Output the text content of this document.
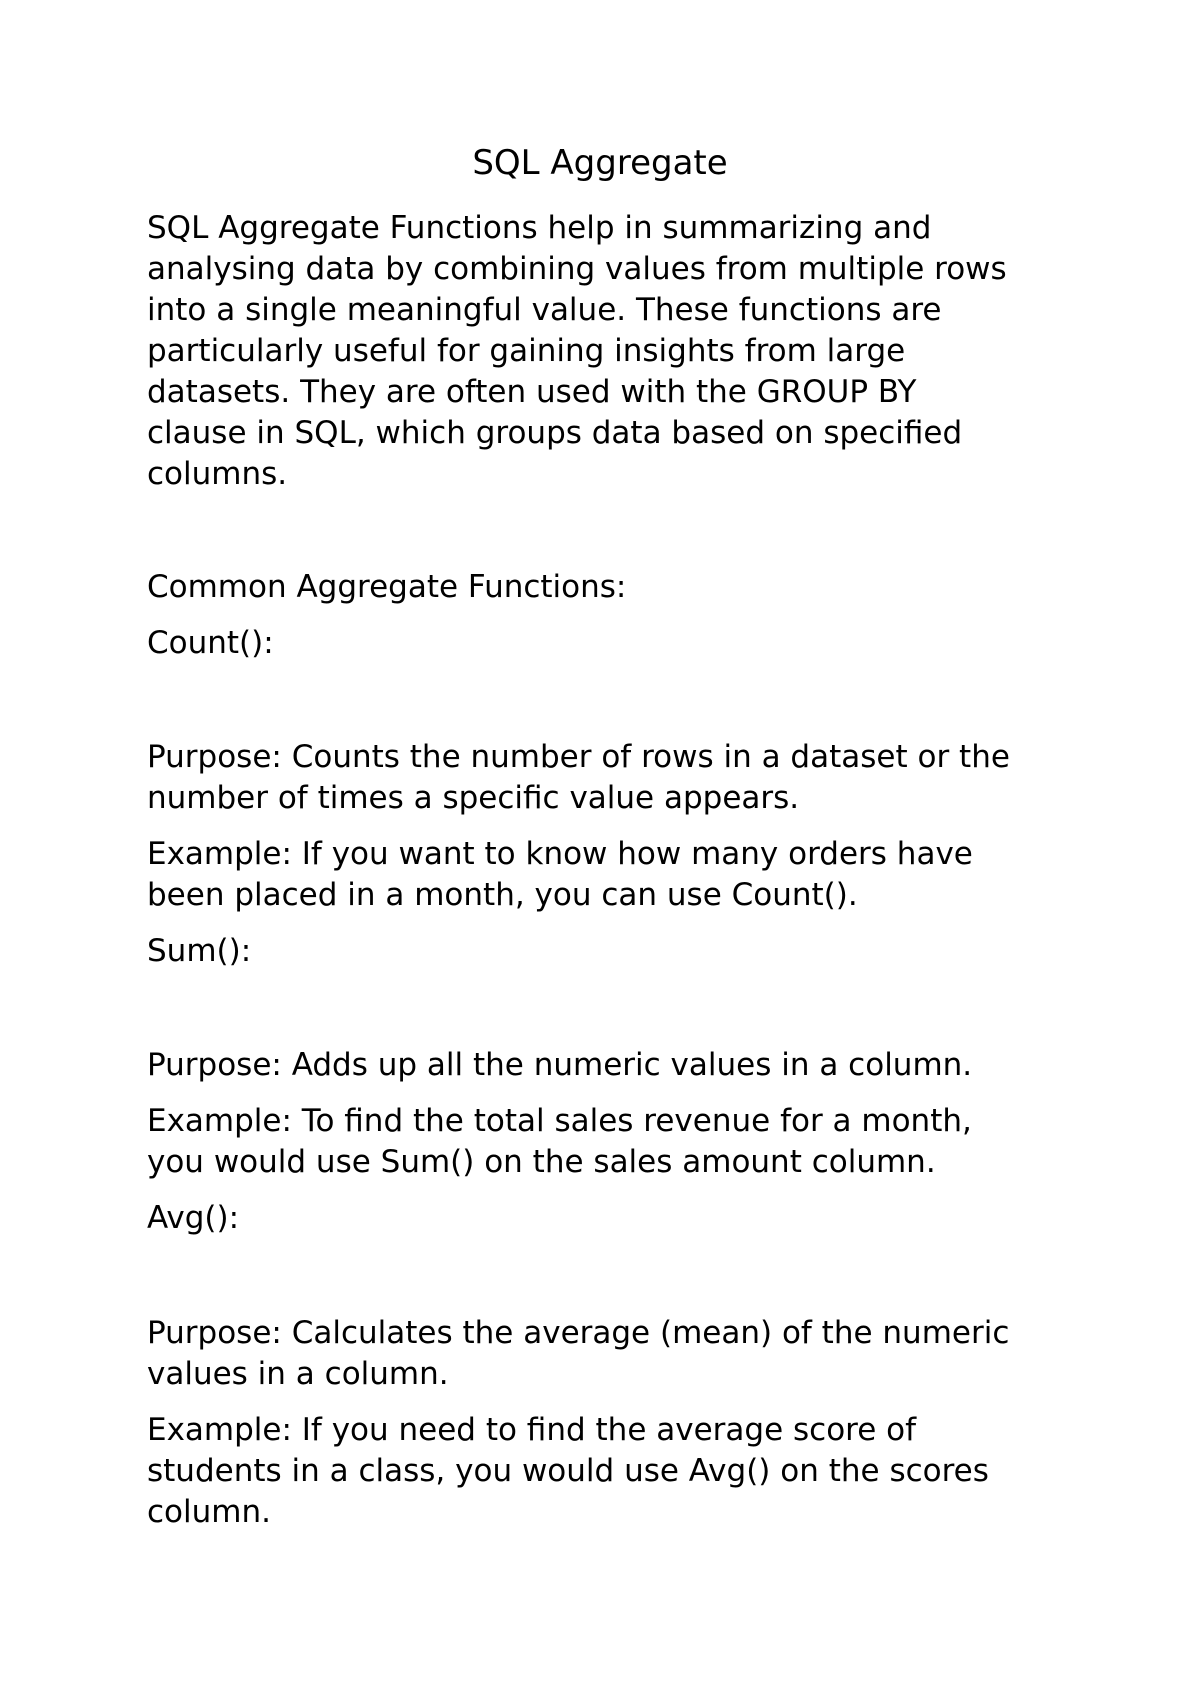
SQL Aggregate

SQL Aggregate Functions help in summarizing and
analysing data by combining values from multiple rows
into a single meaningful value. These functions are
particularly useful for gaining insights from large
datasets. They are often used with the GROUP BY
clause in SQL, which groups data based on specified
columns.

Common Aggregate Functions:

Count():

Purpose: Counts the number of rows in a dataset or the
number of times a specific value appears.

Example: If you want to know how many orders have
been placed in a month, you can use Count().

Sum():

Purpose: Adds up all the numeric values in a column.

Example: To find the total sales revenue for a month,
you would use Sum() on the sales amount column.

Avg():

Purpose: Calculates the average (mean) of the numeric
values in a column.

Example: If you need to find the average score of
students in a class, you would use Avg() on the scores
column.
